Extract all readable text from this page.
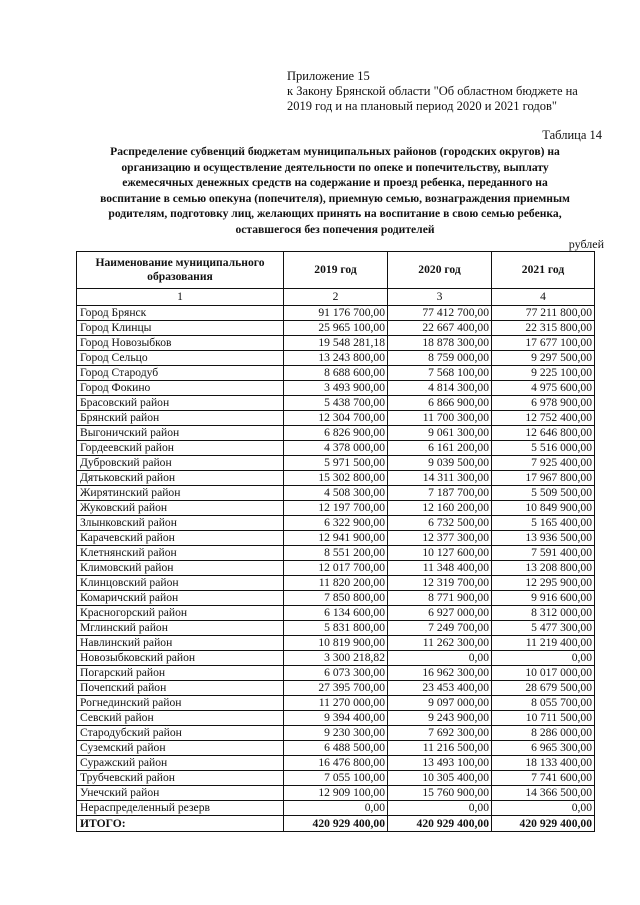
Приложение 15
к Закону Брянской области "Об областном бюджете на
2019 год и на плановый период 2020 и 2021 годов"
Таблица 14
Распределение субвенций бюджетам муниципальных районов (городских округов) на
организацию и осуществление деятельности по опеке и попечительству, выплату
ежемесячных денежных средств на содержание и проезд ребенка, переданного на
воспитание в семью опекуна (попечителя), приемную семью, вознаграждения приемным
родителям, подготовку лиц, желающих принять на воспитание в свою семью ребенка,
оставшегося без попечения родителей
рублей
Наименование муниципального образования	2019 год	2020 год	2021 год
1	2	3	4
Город Брянск	91 176 700,00	77 412 700,00	77 211 800,00
Город Клинцы	25 965 100,00	22 667 400,00	22 315 800,00
Город Новозыбков	19 548 281,18	18 878 300,00	17 677 100,00
Город Сельцо	13 243 800,00	8 759 000,00	9 297 500,00
Город Стародуб	8 688 600,00	7 568 100,00	9 225 100,00
Город Фокино	3 493 900,00	4 814 300,00	4 975 600,00
Брасовский район	5 438 700,00	6 866 900,00	6 978 900,00
Брянский район	12 304 700,00	11 700 300,00	12 752 400,00
Выгоничский район	6 826 900,00	9 061 300,00	12 646 800,00
Гордеевский район	4 378 000,00	6 161 200,00	5 516 000,00
Дубровский район	5 971 500,00	9 039 500,00	7 925 400,00
Дятьковский район	15 302 800,00	14 311 300,00	17 967 800,00
Жирятинский район	4 508 300,00	7 187 700,00	5 509 500,00
Жуковский район	12 197 700,00	12 160 200,00	10 849 900,00
Злынковский район	6 322 900,00	6 732 500,00	5 165 400,00
Карачевский район	12 941 900,00	12 377 300,00	13 936 500,00
Клетнянский район	8 551 200,00	10 127 600,00	7 591 400,00
Климовский район	12 017 700,00	11 348 400,00	13 208 800,00
Клинцовский район	11 820 200,00	12 319 700,00	12 295 900,00
Комаричский район	7 850 800,00	8 771 900,00	9 916 600,00
Красногорский район	6 134 600,00	6 927 000,00	8 312 000,00
Мглинский район	5 831 800,00	7 249 700,00	5 477 300,00
Навлинский район	10 819 900,00	11 262 300,00	11 219 400,00
Новозыбковский район	3 300 218,82	0,00	0,00
Погарский район	6 073 300,00	16 962 300,00	10 017 000,00
Почепский район	27 395 700,00	23 453 400,00	28 679 500,00
Рогнединский район	11 270 000,00	9 097 000,00	8 055 700,00
Севский район	9 394 400,00	9 243 900,00	10 711 500,00
Стародубский район	9 230 300,00	7 692 300,00	8 286 000,00
Суземский район	6 488 500,00	11 216 500,00	6 965 300,00
Суражский район	16 476 800,00	13 493 100,00	18 133 400,00
Трубчевский район	7 055 100,00	10 305 400,00	7 741 600,00
Унечский район	12 909 100,00	15 760 900,00	14 366 500,00
Нераспределенный резерв	0,00	0,00	0,00
ИТОГО:	420 929 400,00	420 929 400,00	420 929 400,00
